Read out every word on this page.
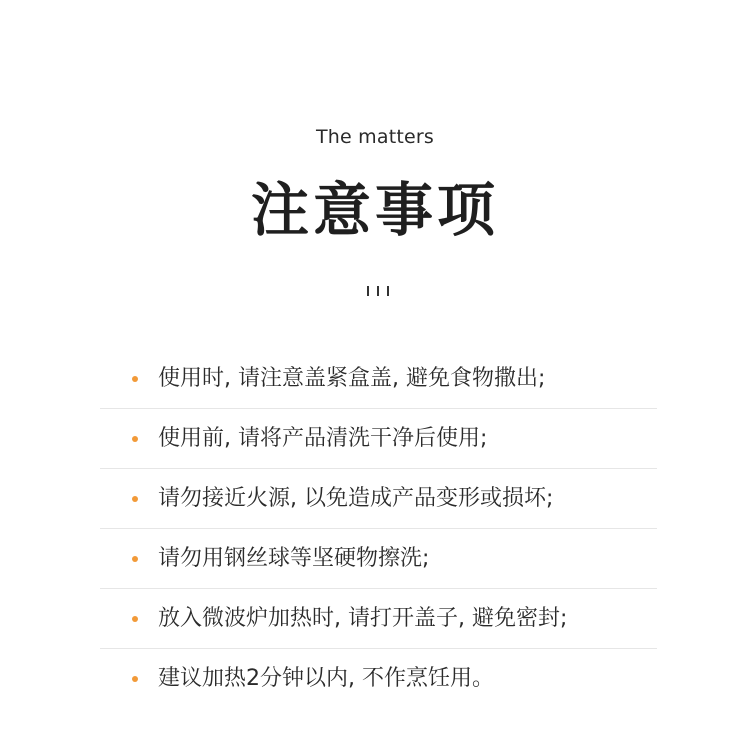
The matters
注意事项
使用时, 请注意盖紧盒盖, 避免食物撒出;
使用前, 请将产品清洗干净后使用;
请勿接近火源, 以免造成产品变形或损坏;
请勿用钢丝球等坚硬物擦洗;
放入微波炉加热时, 请打开盖子, 避免密封;
建议加热2分钟以内, 不作烹饪用。
